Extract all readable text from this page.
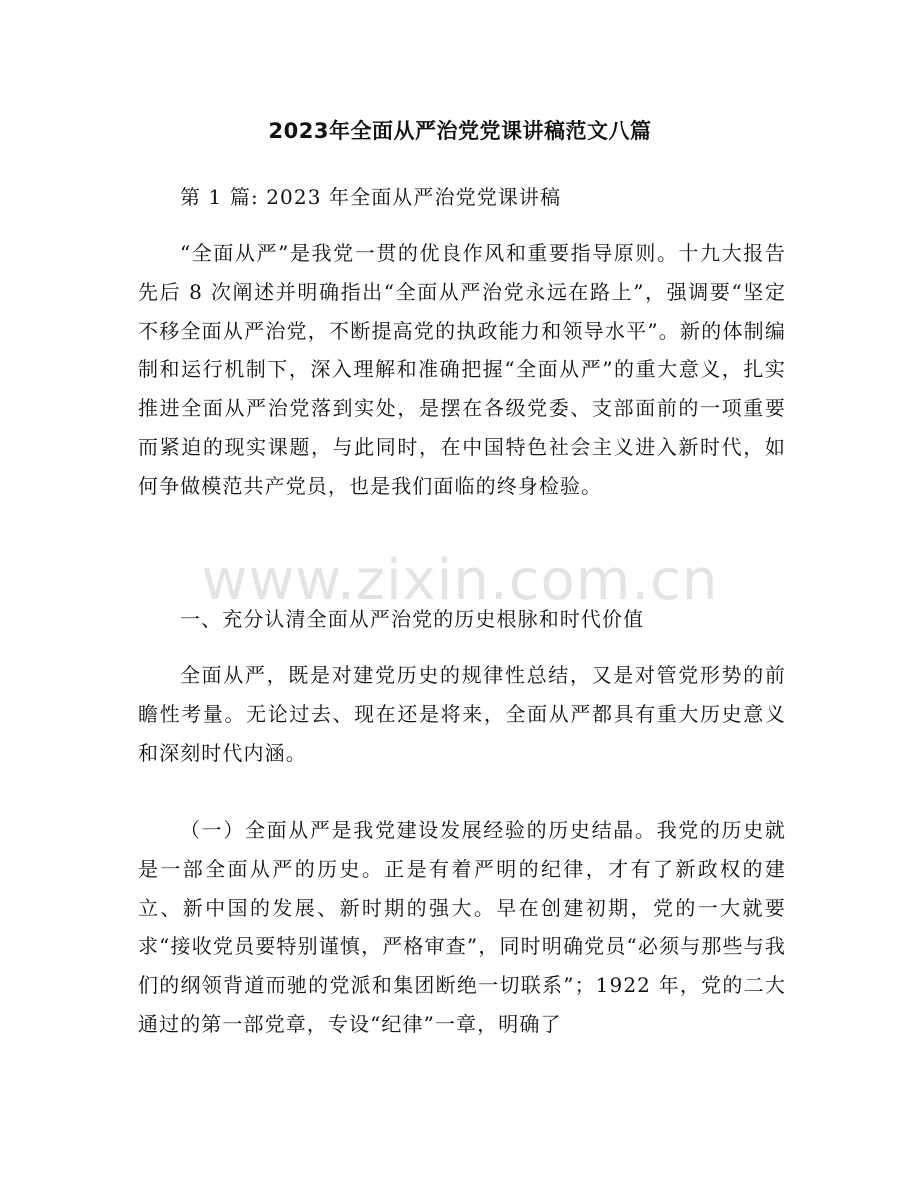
2023年全面从严治党党课讲稿范文八篇

第 1 篇: 2023 年全面从严治党党课讲稿

“全面从严”是我党一贯的优良作风和重要指导原则。十九大报告先后 8 次阐述并明确指出“全面从严治党永远在路上”，强调要“坚定不移全面从严治党，不断提高党的执政能力和领导水平”。新的体制编制和运行机制下，深入理解和准确把握“全面从严”的重大意义，扎实推进全面从严治党落到实处，是摆在各级党委、支部面前的一项重要而紧迫的现实课题，与此同时，在中国特色社会主义进入新时代，如何争做模范共产党员，也是我们面临的终身检验。

www.zixin.com.cn

一、充分认清全面从严治党的历史根脉和时代价值

全面从严，既是对建党历史的规律性总结，又是对管党形势的前瞻性考量。无论过去、现在还是将来，全面从严都具有重大历史意义和深刻时代内涵。

（一）全面从严是我党建设发展经验的历史结晶。我党的历史就是一部全面从严的历史。正是有着严明的纪律，才有了新政权的建立、新中国的发展、新时期的强大。早在创建初期，党的一大就要求“接收党员要特别谨慎，严格审查”，同时明确党员“必须与那些与我们的纲领背道而驰的党派和集团断绝一切联系”；1922 年，党的二大通过的第一部党章，专设“纪律”一章，明确了
